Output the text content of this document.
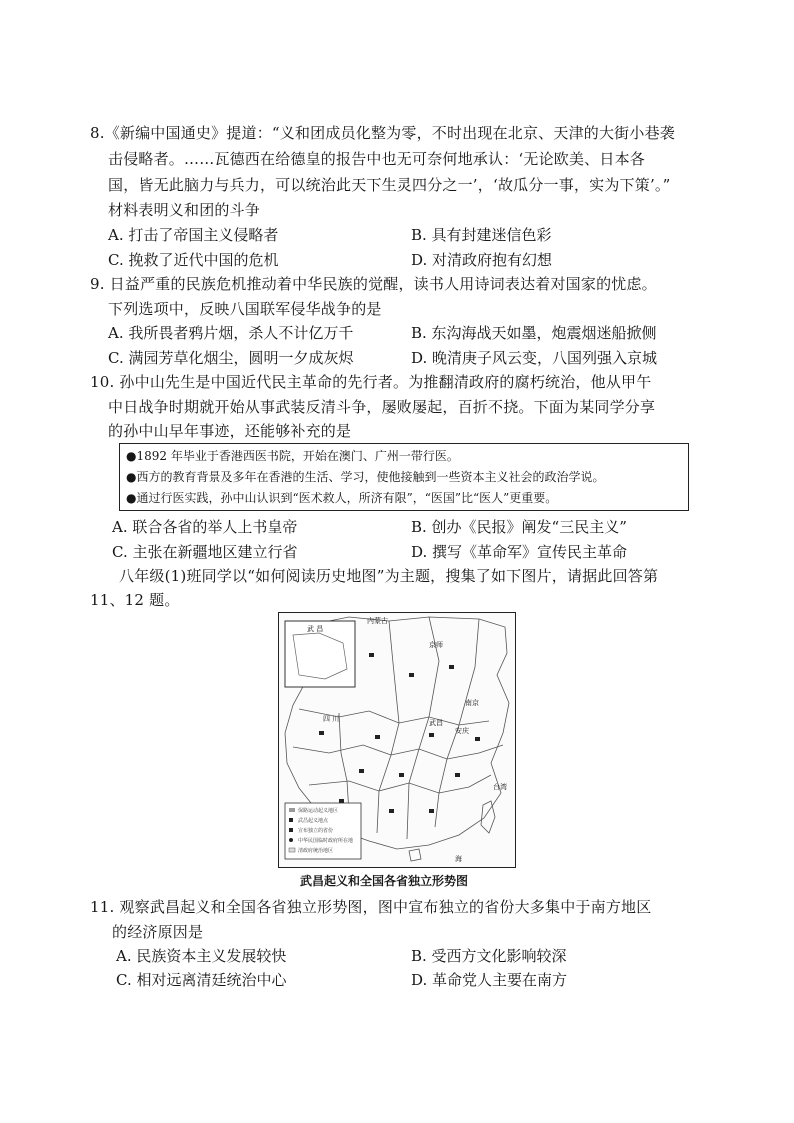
8.《新编中国通史》提道：“义和团成员化整为零，不时出现在北京、天津的大街小巷袭
击侵略者。……瓦德西在给德皇的报告中也无可奈何地承认：‘无论欧美、日本各
国，皆无此脑力与兵力，可以统治此天下生灵四分之一’，‘故瓜分一事，实为下策’。”
材料表明义和团的斗争
A. 打击了帝国主义侵略者	B. 具有封建迷信色彩
C. 挽救了近代中国的危机	D. 对清政府抱有幻想
9. 日益严重的民族危机推动着中华民族的觉醒，读书人用诗词表达着对国家的忧虑。
下列选项中，反映八国联军侵华战争的是
A. 我所畏者鸦片烟，杀人不计亿万千	B. 东沟海战天如墨，炮震烟迷船掀侧
C. 满园芳草化烟尘，圆明一夕成灰烬	D. 晚清庚子风云变，八国列强入京城
10. 孙中山先生是中国近代民主革命的先行者。为推翻清政府的腐朽统治，他从甲午
中日战争时期就开始从事武装反清斗争，屡败屡起，百折不挠。下面为某同学分享
的孙中山早年事迹，还能够补充的是
●1892 年毕业于香港西医书院，开始在澳门、广州一带行医。
●西方的教育背景及多年在香港的生活、学习，使他接触到一些资本主义社会的政治学说。
●通过行医实践，孙中山认识到“医术救人，所济有限”，“医国”比“医人”更重要。
A. 联合各省的举人上书皇帝	B. 创办《民报》阐发“三民主义”
C. 主张在新疆地区建立行省	D. 撰写《革命军》宣传民主革命
八年级(1)班同学以“如何阅读历史地图”为主题，搜集了如下图片，请据此回答第
11、12 题。
保路运动起义地区
武昌起义地点
宣布独立的省份
中华民国临时政府所在地
清政府统治地区
内蒙古
武 昌
京师
南京
四 川	武昌
安庆
台湾
海
武昌起义和全国各省独立形势图
11. 观察武昌起义和全国各省独立形势图，图中宣布独立的省份大多集中于南方地区
的经济原因是
A. 民族资本主义发展较快	B. 受西方文化影响较深
C. 相对远离清廷统治中心	D. 革命党人主要在南方
